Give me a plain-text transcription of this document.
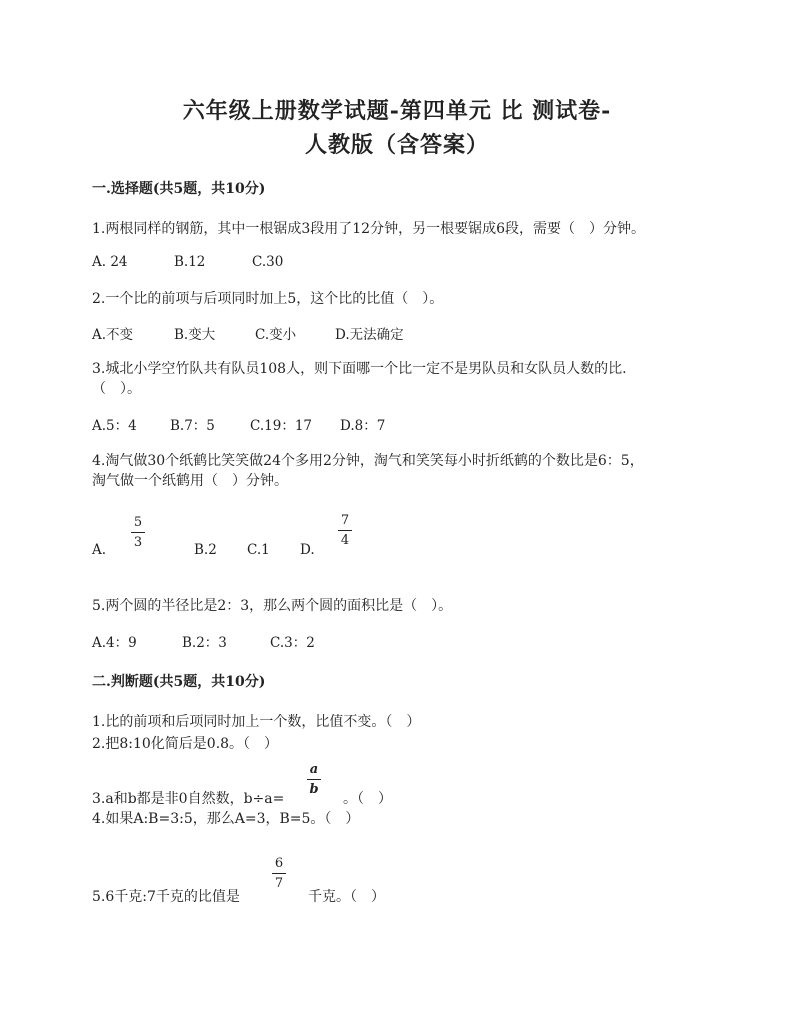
六年级上册数学试题-第四单元 比 测试卷-
人教版（含答案）
一.选择题(共5题，共10分)
1.两根同样的钢筋，其中一根锯成3段用了12分钟，另一根要锯成6段，需要（　）分钟。
A. 24	B.12	C.30
2.一个比的前项与后项同时加上5，这个比的比值（　）。
A.不变	B.变大	C.变小	D.无法确定
3.城北小学空竹队共有队员108人，则下面哪一个比一定不是男队员和女队员人数的比.
（　）。
A.5：4 B.7：5	C.19：17 D.8：7
4.淘气做30个纸鹤比笑笑做24个多用2分钟，淘气和笑笑每小时折纸鹤的个数比是6：5，
淘气做一个纸鹤用（　）分钟。
A.
5
3	B.2 C.1 D.
7
4
5.两个圆的半径比是2：3，那么两个圆的面积比是（　）。
A.4：9	B.2：3	C.3：2
二.判断题(共5题，共10分)
1.比的前项和后项同时加上一个数，比值不变。（　）
2.把8:10化简后是0.8。（　）
3.a和b都是非0自然数，b÷a=
a
b
。（　）
4.如果A:B=3:5，那么A=3，B=5。（　）
5.6千克:7千克的比值是
6
7
千克。（　）
